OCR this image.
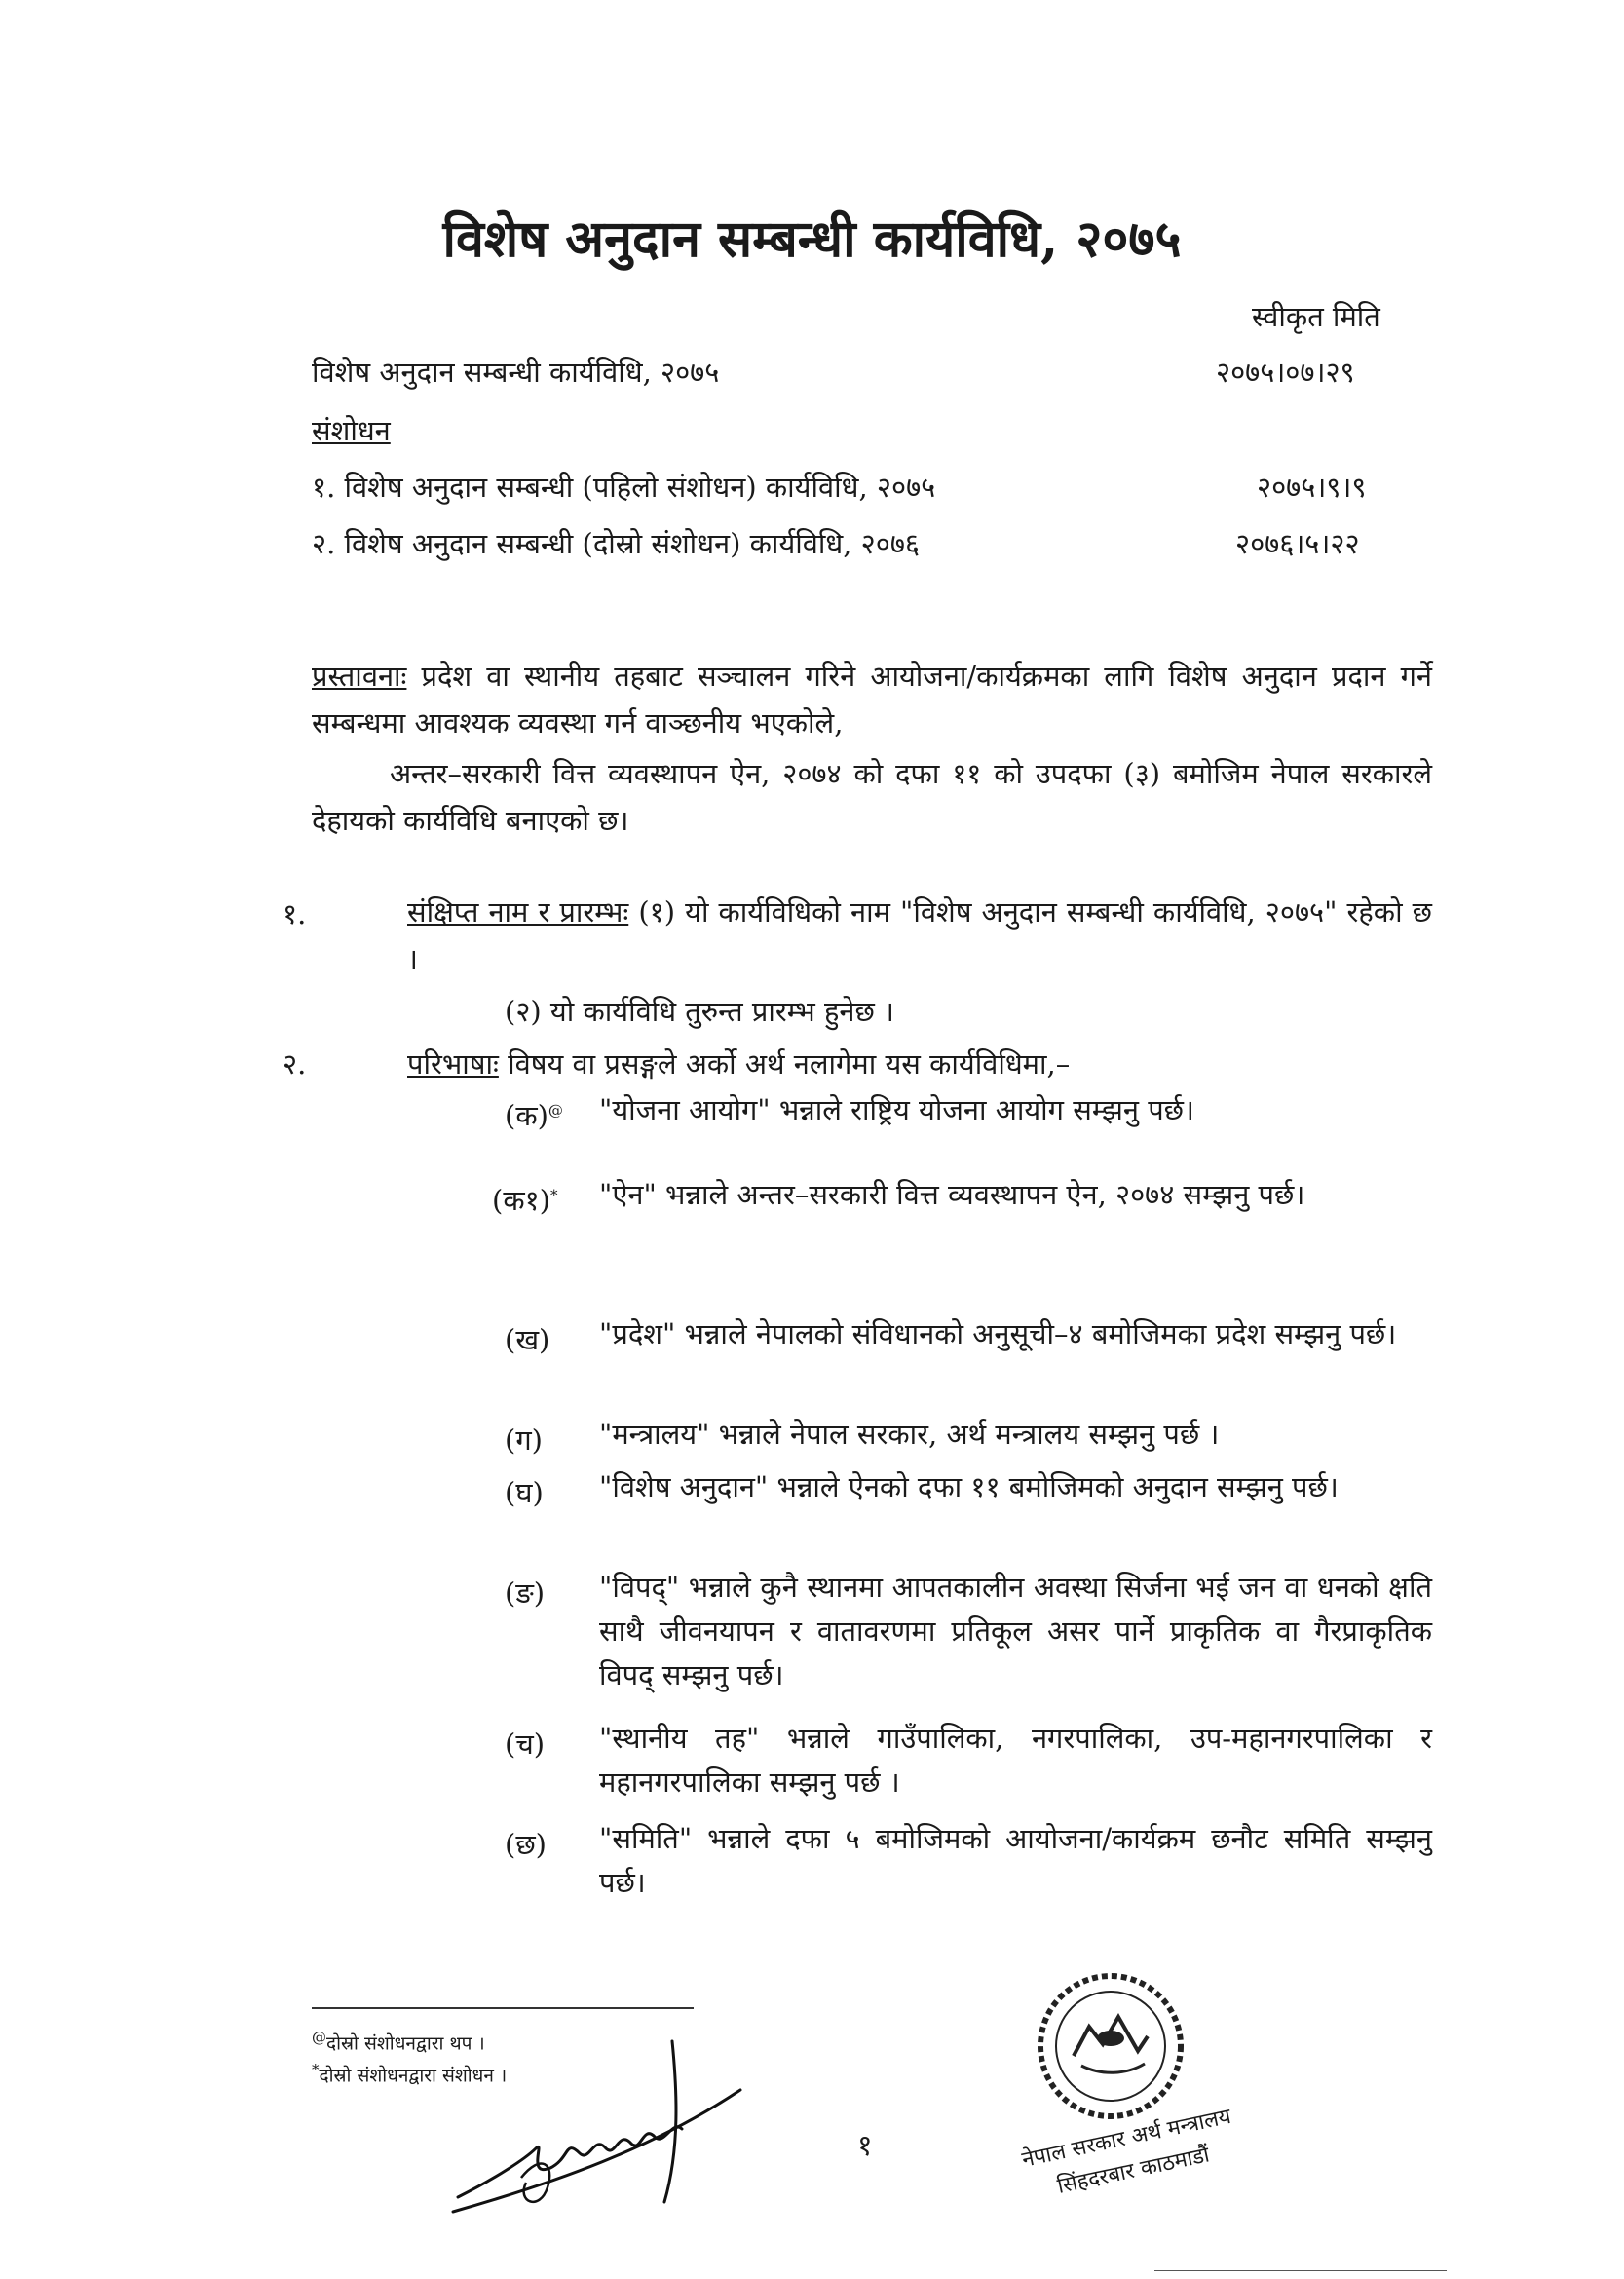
विशेष अनुदान सम्बन्धी कार्यविधि, २०७५
स्वीकृत मिति
विशेष अनुदान सम्बन्धी कार्यविधि, २०७५	२०७५।०७।२९
संशोधन
१. विशेष अनुदान सम्बन्धी (पहिलो संशोधन) कार्यविधि, २०७५	२०७५।९।९
२. विशेष अनुदान सम्बन्धी (दोस्रो संशोधन) कार्यविधि, २०७६	२०७६।५।२२
प्रस्तावनाः प्रदेश वा स्थानीय तहबाट सञ्चालन गरिने आयोजना/कार्यक्रमका लागि विशेष अनुदान प्रदान गर्ने सम्बन्धमा आवश्यक व्यवस्था गर्न वाञ्छनीय भएकोले,
अन्तर–सरकारी वित्त व्यवस्थापन ऐन, २०७४ को दफा ११ को उपदफा (३) बमोजिम नेपाल सरकारले देहायको कार्यविधि बनाएको छ।
१.	संक्षिप्त नाम र प्रारम्भः (१) यो कार्यविधिको नाम "विशेष अनुदान सम्बन्धी कार्यविधि, २०७५" रहेको छ ।
(२) यो कार्यविधि तुरुन्त प्रारम्भ हुनेछ ।
२.	परिभाषाः विषय वा प्रसङ्गले अर्को अर्थ नलागेमा यस कार्यविधिमा,–
(क)@ "योजना आयोग" भन्नाले राष्ट्रिय योजना आयोग सम्झनु पर्छ।
(क१)* "ऐन" भन्नाले अन्तर–सरकारी वित्त व्यवस्थापन ऐन, २०७४ सम्झनु पर्छ।
(ख) "प्रदेश" भन्नाले नेपालको संविधानको अनुसूची–४ बमोजिमका प्रदेश सम्झनु पर्छ।
(ग) "मन्त्रालय" भन्नाले नेपाल सरकार, अर्थ मन्त्रालय सम्झनु पर्छ ।
(घ) "विशेष अनुदान" भन्नाले ऐनको दफा ११ बमोजिमको अनुदान सम्झनु पर्छ।
(ङ) "विपद्" भन्नाले कुनै स्थानमा आपतकालीन अवस्था सिर्जना भई जन वा धनको क्षति साथै जीवनयापन र वातावरणमा प्रतिकूल असर पार्ने प्राकृतिक वा गैरप्राकृतिक विपद् सम्झनु पर्छ।
(च) "स्थानीय तह" भन्नाले गाउँपालिका, नगरपालिका, उप-महानगरपालिका र महानगरपालिका सम्झनु पर्छ ।
(छ) "समिति" भन्नाले दफा ५ बमोजिमको आयोजना/कार्यक्रम छनौट समिति सम्झनु पर्छ।
@दोस्रो संशोधनद्वारा थप ।
*दोस्रो संशोधनद्वारा संशोधन ।
१	नेपाल सरकार अर्थ मन्त्रालय सिंहदरबार काठमाडौं
